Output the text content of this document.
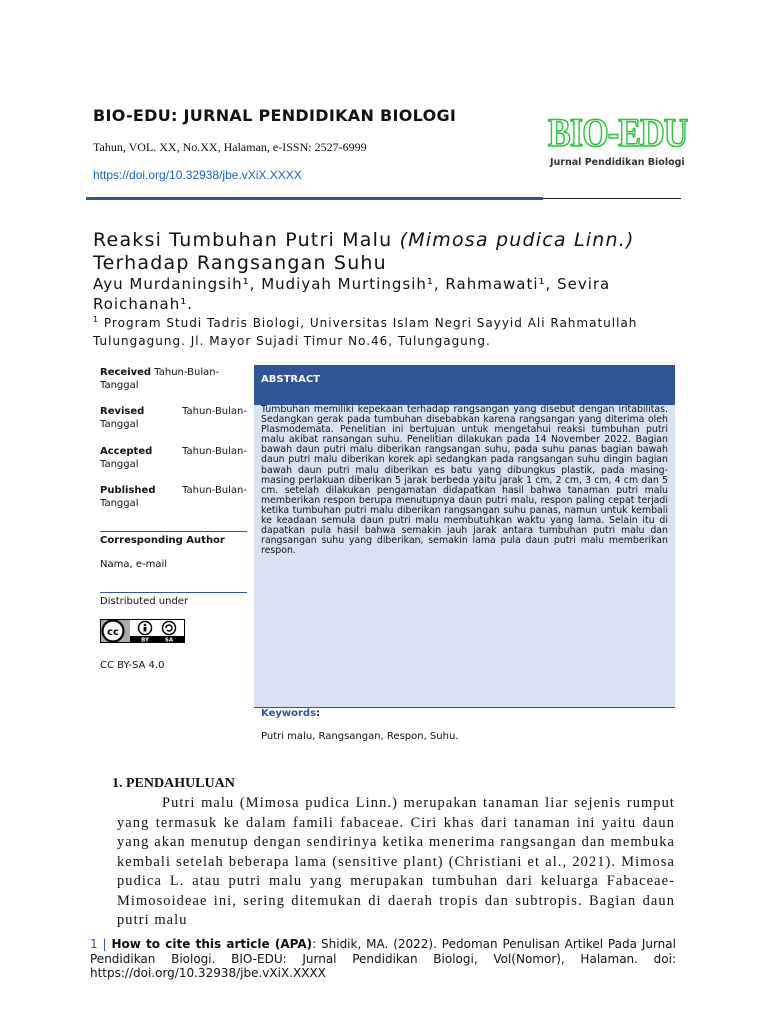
BIO-EDU: JURNAL PENDIDIKAN BIOLOGI
Tahun, VOL. XX, No.XX, Halaman, e-ISSN: 2527-6999
https://doi.org/10.32938/jbe.vXiX.XXXX
BIO-EDU
Jurnal Pendidikan Biologi
Reaksi Tumbuhan Putri Malu (Mimosa pudica Linn.) Terhadap Rangsangan Suhu
Ayu Murdaningsih¹, Mudiyah Murtingsih¹, Rahmawati¹, Sevira Roichanah¹.
$^1$ Program Studi Tadris Biologi, Universitas Islam Negri Sayyid Ali Rahmatullah Tulungagung. Jl. Mayor Sujadi Timur No.46, Tulungagung.
Received Tahun-Bulan-
Tanggal
Revised	Tahun-Bulan-
Tanggal
Accepted	Tahun-Bulan-
Tanggal
Published	Tahun-Bulan-
Tanggal
Corresponding Author
Nama, e-mail
Distributed under
cc
BY	SA
CC BY-SA 4.0
ABSTRACT
Tumbuhan memiliki kepekaan terhadap rangsangan yang disebut dengan iritabilitas. Sedangkan gerak pada tumbuhan disebabkan karena rangsangan yang diterima oleh Plasmodemata. Penelitian ini bertujuan untuk mengetahui reaksi tumbuhan putri malu akibat ransangan suhu. Penelitian dilakukan pada 14 November 2022. Bagian bawah daun putri malu diberikan rangsangan suhu, pada suhu panas bagian bawah daun putri malu diberikan korek api sedangkan pada rangsangan suhu dingin bagian bawah daun putri malu diberikan es batu yang dibungkus plastik, pada masing-masing perlakuan diberikan 5 jarak berbeda yaitu jarak 1 cm, 2 cm, 3 cm, 4 cm dan 5 cm. setelah dilakukan pengamatan didapatkan hasil bahwa tanaman putri malu memberikan respon berupa menutupnya daun putri malu, respon paling cepat terjadi ketika tumbuhan putri malu diberikan rangsangan suhu panas, namun untuk kembali ke keadaan semula daun putri malu membutuhkan waktu yang lama. Selain itu di dapatkan pula hasil bahwa semakin jauh jarak antara tumbuhan putri malu dan rangsangan suhu yang diberikan, semakin lama pula daun putri malu memberikan respon.
Keywords:
Putri malu, Rangsangan, Respon, Suhu.
1. PENDAHULUAN
Putri malu (Mimosa pudica Linn.) merupakan tanaman liar sejenis rumput yang termasuk ke dalam famili fabaceae. Ciri khas dari tanaman ini yaitu daun yang akan menutup dengan sendirinya ketika menerima rangsangan dan membuka kembali setelah beberapa lama (sensitive plant) (Christiani et al., 2021). Mimosa pudica L. atau putri malu yang merupakan tumbuhan dari keluarga Fabaceae-Mimosoideae ini, sering ditemukan di daerah tropis dan subtropis. Bagian daun putri malu
1 | How to cite this article (APA): Shidik, MA. (2022). Pedoman Penulisan Artikel Pada Jurnal Pendidikan Biologi. BIO-EDU: Jurnal Pendidikan Biologi, Vol(Nomor), Halaman. doi: https://doi.org/10.32938/jbe.vXiX.XXXX
